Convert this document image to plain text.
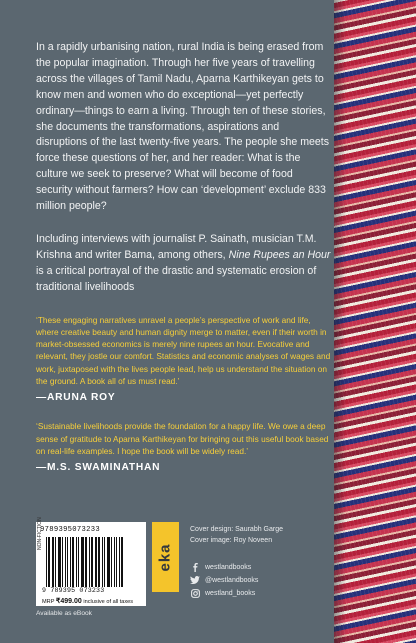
In a rapidly urbanising nation, rural India is being erased from the popular imagination. Through her five years of travelling across the villages of Tamil Nadu, Aparna Karthikeyan gets to know men and women who do exceptional—yet perfectly ordinary—things to earn a living. Through ten of these stories, she documents the transformations, aspirations and disruptions of the last twenty-five years. The people she meets force these questions of her, and her reader: What is the culture we seek to preserve? What will become of food security without farmers? How can ‘development’ exclude 833 million people?

Including interviews with journalist P. Sainath, musician T.M. Krishna and writer Bama, among others, Nine Rupees an Hour is a critical portrayal of the drastic and systematic erosion of traditional livelihoods

‘These engaging narratives unravel a people’s perspective of work and life, where creative beauty and human dignity merge to matter, even if their worth in market-obsessed economics is merely nine rupees an hour. Evocative and relevant, they jostle our comfort. Statistics and economic analyses of wages and work, juxtaposed with the lives people lead, help us understand the situation on the ground. A book all of us must read.’

—ARUNA ROY

‘Sustainable livelihoods provide the foundation for a happy life. We owe a deep sense of gratitude to Aparna Karthikeyan for bringing out this useful book based on real-life examples. I hope the book will be widely read.’

—M.S. SWAMINATHAN
9789395073233
NON-FICTION
9 789395 073233
MRP ₹499.00 inclusive of all taxes
eka
Available as eBook
Cover design: Saurabh Garge
Cover image: Roy Noveen
westlandbooks
@westlandbooks
westland_books
